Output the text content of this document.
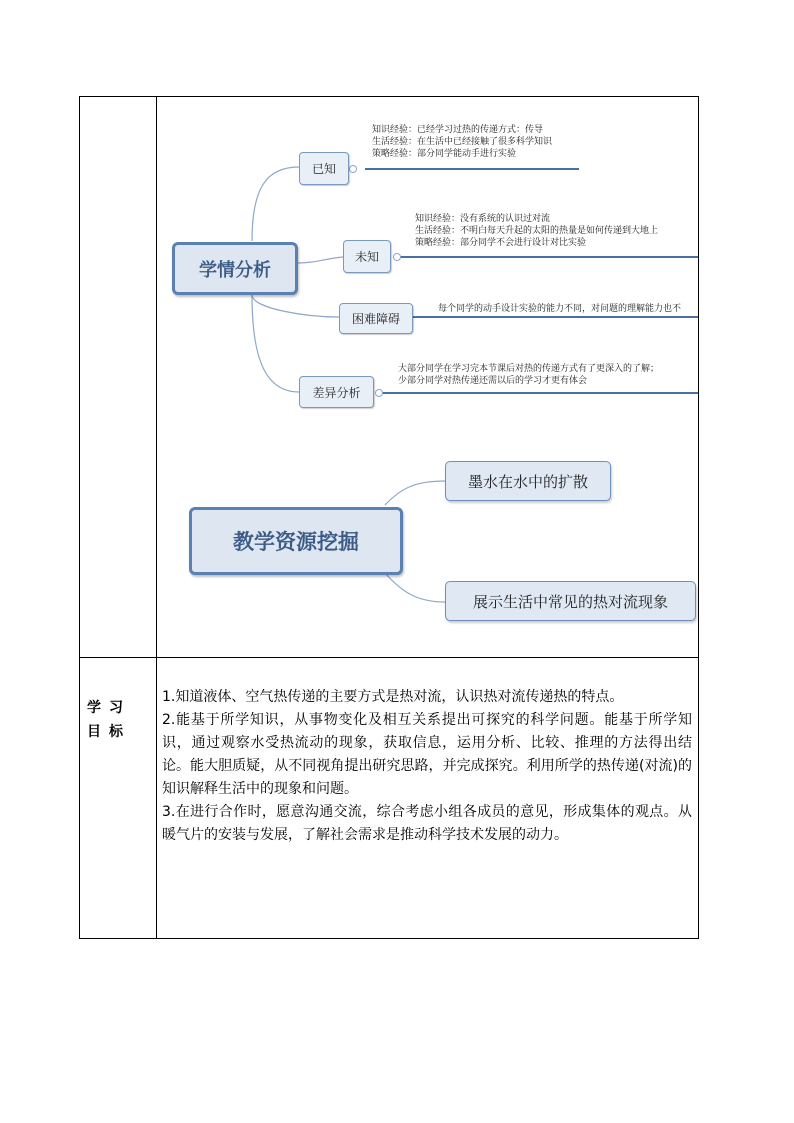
学情分析
已知
知识经验：已经学习过热的传递方式：传导
生活经验：在生活中已经接触了很多科学知识
策略经验：部分同学能动手进行实验
未知
知识经验：没有系统的认识过对流
生活经验：不明白每天升起的太阳的热量是如何传递到大地上
策略经验：部分同学不会进行设计对比实验
困难障碍
每个同学的动手设计实验的能力不同，对问题的理解能力也不
差异分析
大部分同学在学习完本节课后对热的传递方式有了更深入的了解；
少部分同学对热传递还需以后的学习才更有体会
教学资源挖掘
墨水在水中的扩散
展示生活中常见的热对流现象
学习目标

1.知道液体、空气热传递的主要方式是热对流，认识热对流传递热的特点。

2.能基于所学知识，从事物变化及相互关系提出可探究的科学问题。能基于所学知识，通过观察水受热流动的现象，获取信息，运用分析、比较、推理的方法得出结论。能大胆质疑，从不同视角提出研究思路，并完成探究。利用所学的热传递(对流)的知识解释生活中的现象和问题。

3.在进行合作时，愿意沟通交流，综合考虑小组各成员的意见，形成集体的观点。从暖气片的安装与发展，了解社会需求是推动科学技术发展的动力。
